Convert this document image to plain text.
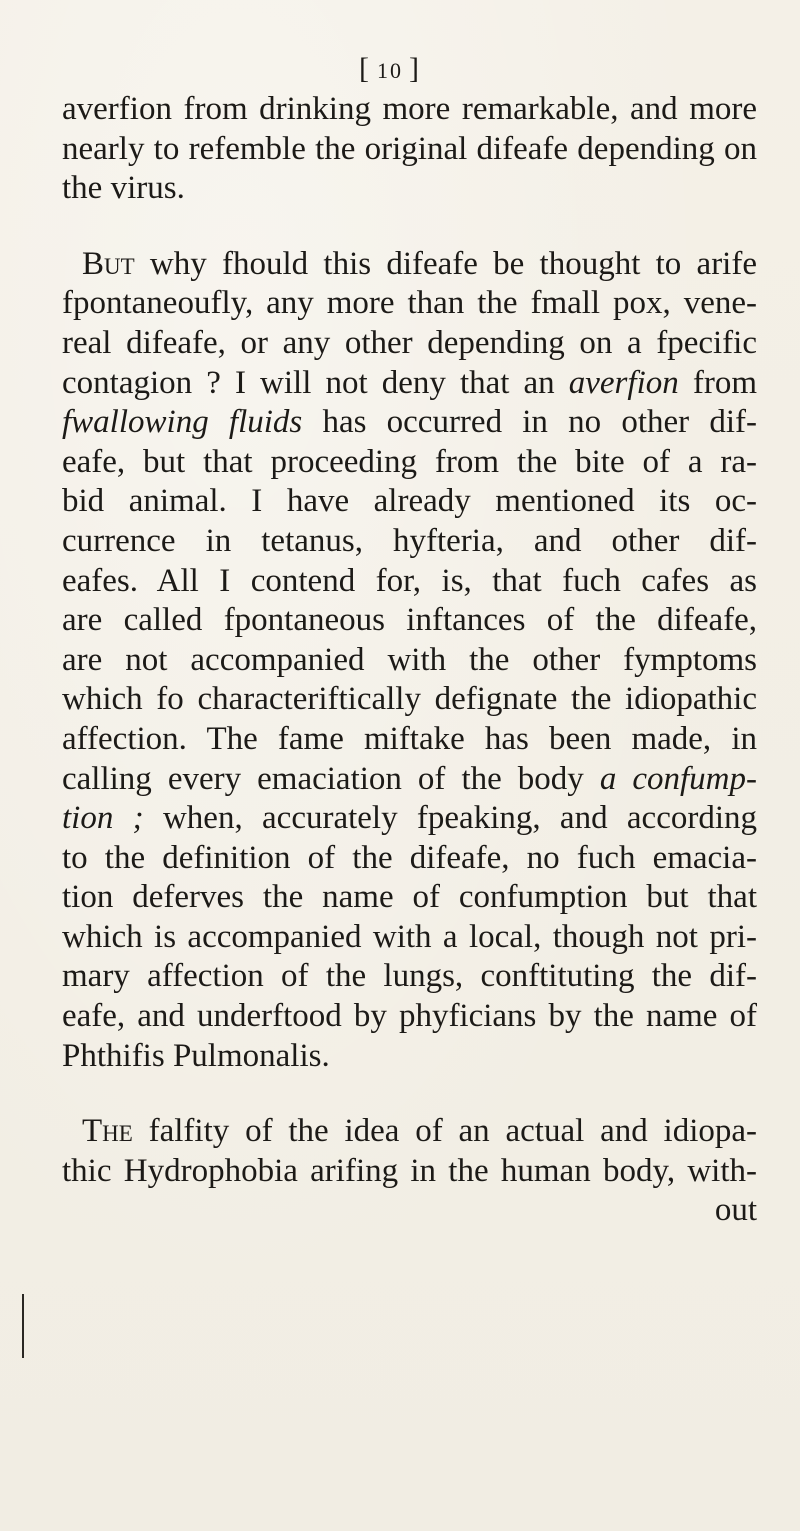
[ 10 ]
averfion from drinking more remarkable, and more
nearly to refemble the original difeafe depending on
the virus.
But why fhould this difeafe be thought to arife
fpontaneoufly, any more than the fmall pox, vene-
real difeafe, or any other depending on a fpecific
contagion ? I will not deny that an averfion from
fwallowing fluids has occurred in no other dif-
eafe, but that proceeding from the bite of a ra-
bid animal. I have already mentioned its oc-
currence in tetanus, hyfteria, and other dif-
eafes. All I contend for, is, that fuch cafes as
are called fpontaneous inftances of the difeafe,
are not accompanied with the other fymptoms
which fo characteriftically defignate the idiopathic
affection. The fame miftake has been made, in
calling every emaciation of the body a confump-
tion ; when, accurately fpeaking, and according
to the definition of the difeafe, no fuch emacia-
tion deferves the name of confumption but that
which is accompanied with a local, though not pri-
mary affection of the lungs, conftituting the dif-
eafe, and underftood by phyficians by the name of
Phthifis Pulmonalis.
The falfity of the idea of an actual and idiopa-
thic Hydrophobia arifing in the human body, with-
out
